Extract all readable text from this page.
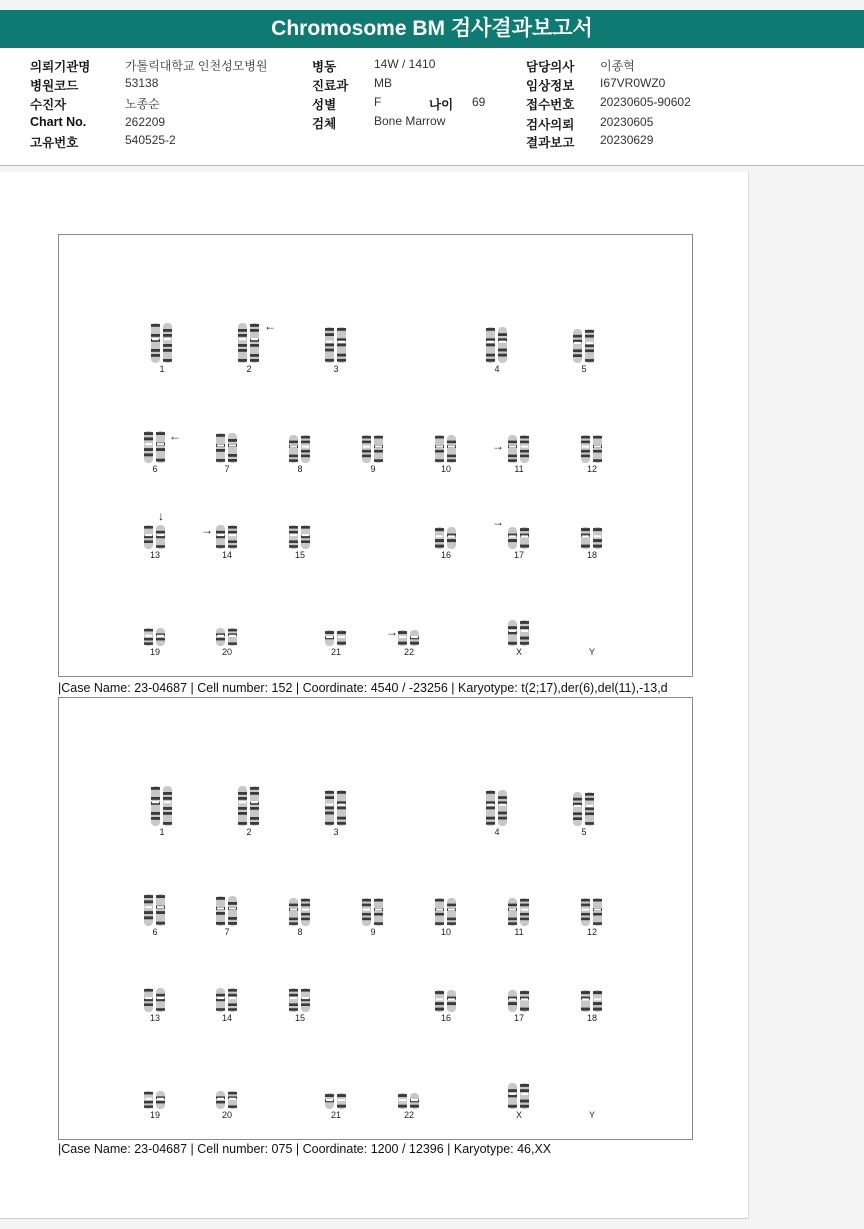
Chromosome BM 검사결과보고서
의뢰기관명	가톨릭대학교 인천성모병원
병원코드	53138
수진자	노종순
Chart No.	262209
고유번호	540525-2
병동	14W / 1410
진료과 MB
성별	F	나이 69
검체	Bone Marrow
담당의사 이종혁
임상정보 I67VR0WZ0
접수번호 20230605-90602
검사의뢰 20230605
결과보고 20230629
1	2	3	4	5
6	7	8	9	10	11	12
13	14	15	16	17	18
19	20	21	22	X	Y
←
←
↓
→
→
→
→
|Case Name: 23-04687 | Cell number: 152 | Coordinate: 4540 / -23256 | Karyotype: t(2;17),der(6),del(11),-13,d
1	2	3	4	5
6	7	8	9	10	11	12
13	14	15	16	17	18
19	20	21	22	X	Y
|Case Name: 23-04687 | Cell number: 075 | Coordinate: 1200 / 12396 | Karyotype: 46,XX
